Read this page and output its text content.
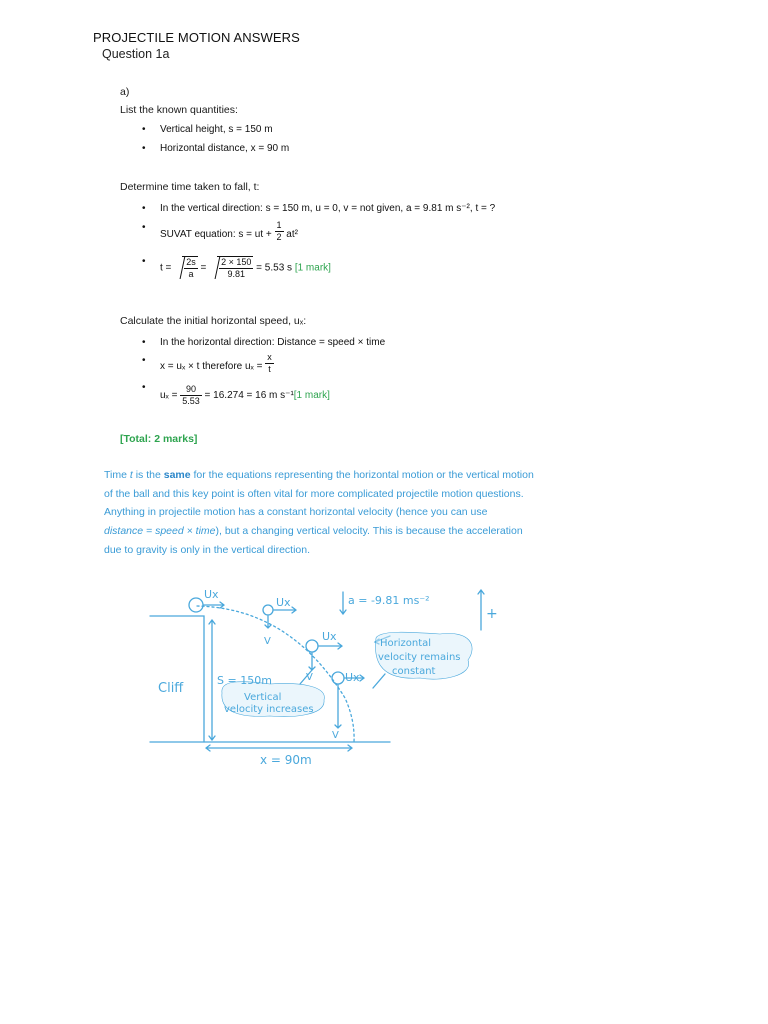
PROJECTILE MOTION ANSWERS
Question 1a
a)
List the known quantities:
Vertical height, s = 150 m
Horizontal distance, x = 90 m
Determine time taken to fall, t:
In the vertical direction: s = 150 m, u = 0, v = not given, a = 9.81 m s⁻², t = ?
SUVAT equation: s = ut + $\frac{1}{2} at^2$
$t = \frac{2s}{a} = \frac{2 \times 150}{9.81} = 5.53$ s [1 mark]
Calculate the initial horizontal speed, uₓ:
In the horizontal direction: Distance = speed × time
x = uₓ × t therefore $u_x = \frac{x}{t}$
$u_x = \frac{90}{5.53} = 16.274 = 16$ m s⁻¹[1 mark]
[Total: 2 marks]
Time t is the same for the equations representing the horizontal motion or the vertical motion
of the ball and this key point is often vital for more complicated projectile motion questions.
Anything in projectile motion has a constant horizontal velocity (hence you can use
distance = speed × time), but a changing vertical velocity. This is because the acceleration
due to gravity is only in the vertical direction.
Ux
Ux
Ux
Ux
a = -9.81 ms⁻²
+
Cliff
S = 150m
Vertical
velocity increases
Horizontal
velocity remains
constant
x = 90m
V
V
V
